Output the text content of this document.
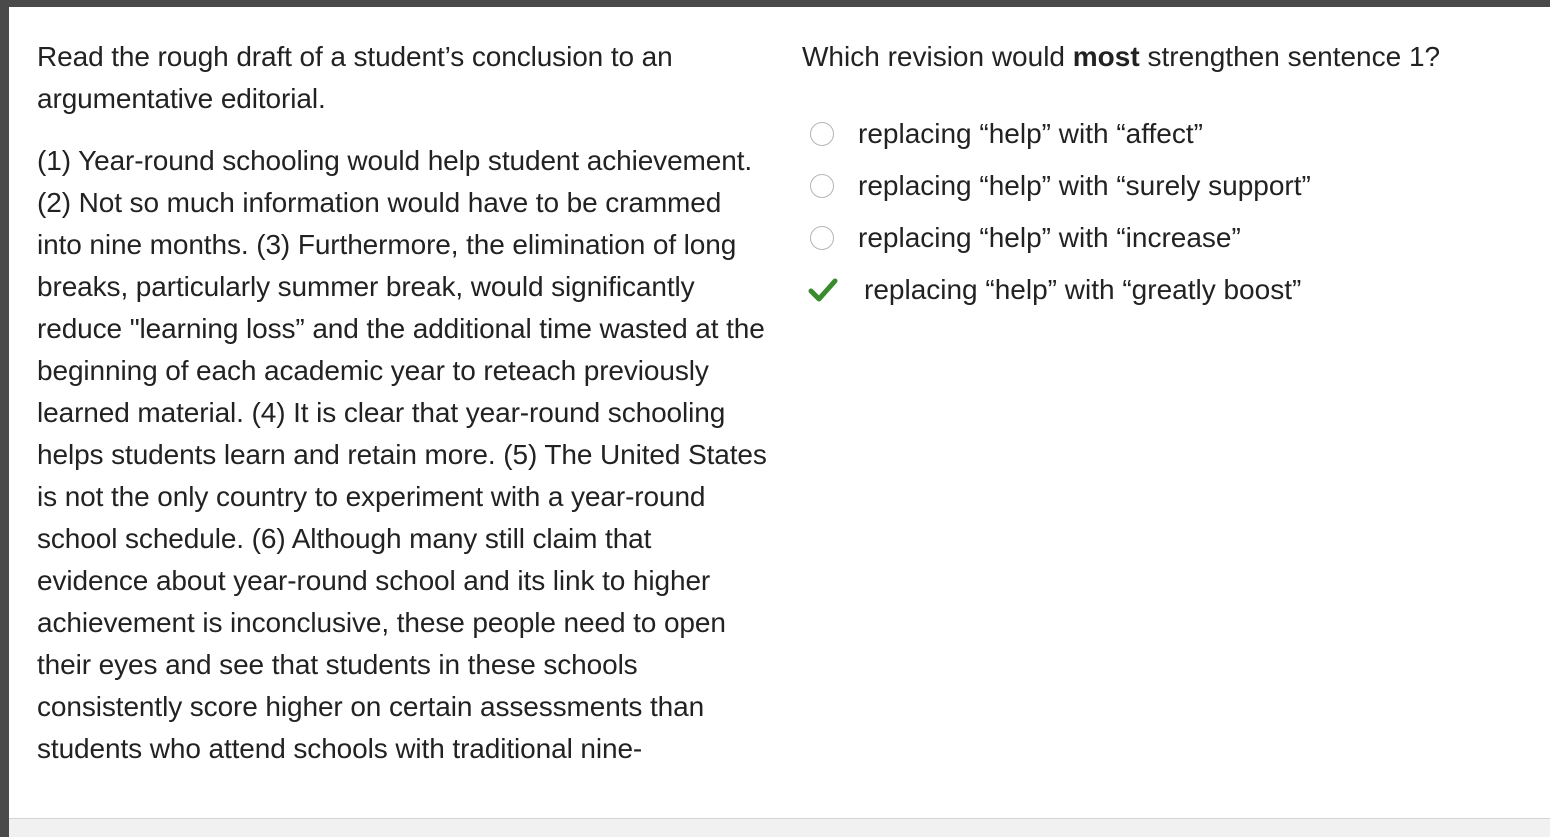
Read the rough draft of a student’s conclusion to an argumentative editorial.

(1) Year-round schooling would help student achievement. (2) Not so much information would have to be crammed into nine months. (3) Furthermore, the elimination of long breaks, particularly summer break, would significantly reduce "learning loss” and the additional time wasted at the beginning of each academic year to reteach previously learned material. (4) It is clear that year-round schooling helps students learn and retain more. (5) The United States is not the only country to experiment with a year-round school schedule. (6) Although many still claim that evidence about year-round school and its link to higher achievement is inconclusive, these people need to open their eyes and see that students in these schools consistently score higher on certain assessments than students who attend schools with traditional nine-

Which revision would most strengthen sentence 1?
replacing “help” with “affect”
replacing “help” with “surely support”
replacing “help” with “increase”
replacing “help” with “greatly boost”
